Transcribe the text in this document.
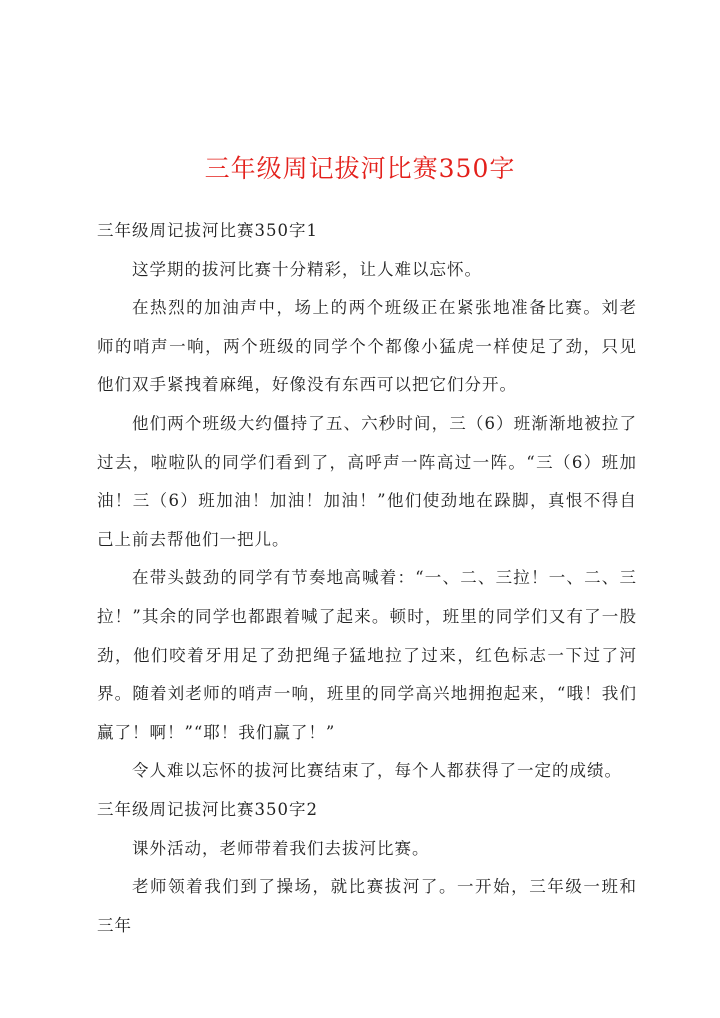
三年级周记拔河比赛350字

三年级周记拔河比赛350字1

这学期的拔河比赛十分精彩，让人难以忘怀。

在热烈的加油声中，场上的两个班级正在紧张地准备比赛。刘老师的哨声一响，两个班级的同学个个都像小猛虎一样使足了劲，只见他们双手紧拽着麻绳，好像没有东西可以把它们分开。

他们两个班级大约僵持了五、六秒时间，三（6）班渐渐地被拉了过去，啦啦队的同学们看到了，高呼声一阵高过一阵。“三（6）班加油！三（6）班加油！加油！加油！”他们使劲地在跺脚，真恨不得自己上前去帮他们一把儿。

在带头鼓劲的同学有节奏地高喊着：“一、二、三拉！一、二、三拉！”其余的同学也都跟着喊了起来。顿时，班里的同学们又有了一股劲，他们咬着牙用足了劲把绳子猛地拉了过来，红色标志一下过了河界。随着刘老师的哨声一响，班里的同学高兴地拥抱起来，“哦！我们赢了！啊！”“耶！我们赢了！”

令人难以忘怀的拔河比赛结束了，每个人都获得了一定的成绩。

三年级周记拔河比赛350字2

课外活动，老师带着我们去拔河比赛。

老师领着我们到了操场，就比赛拔河了。一开始，三年级一班和三年
